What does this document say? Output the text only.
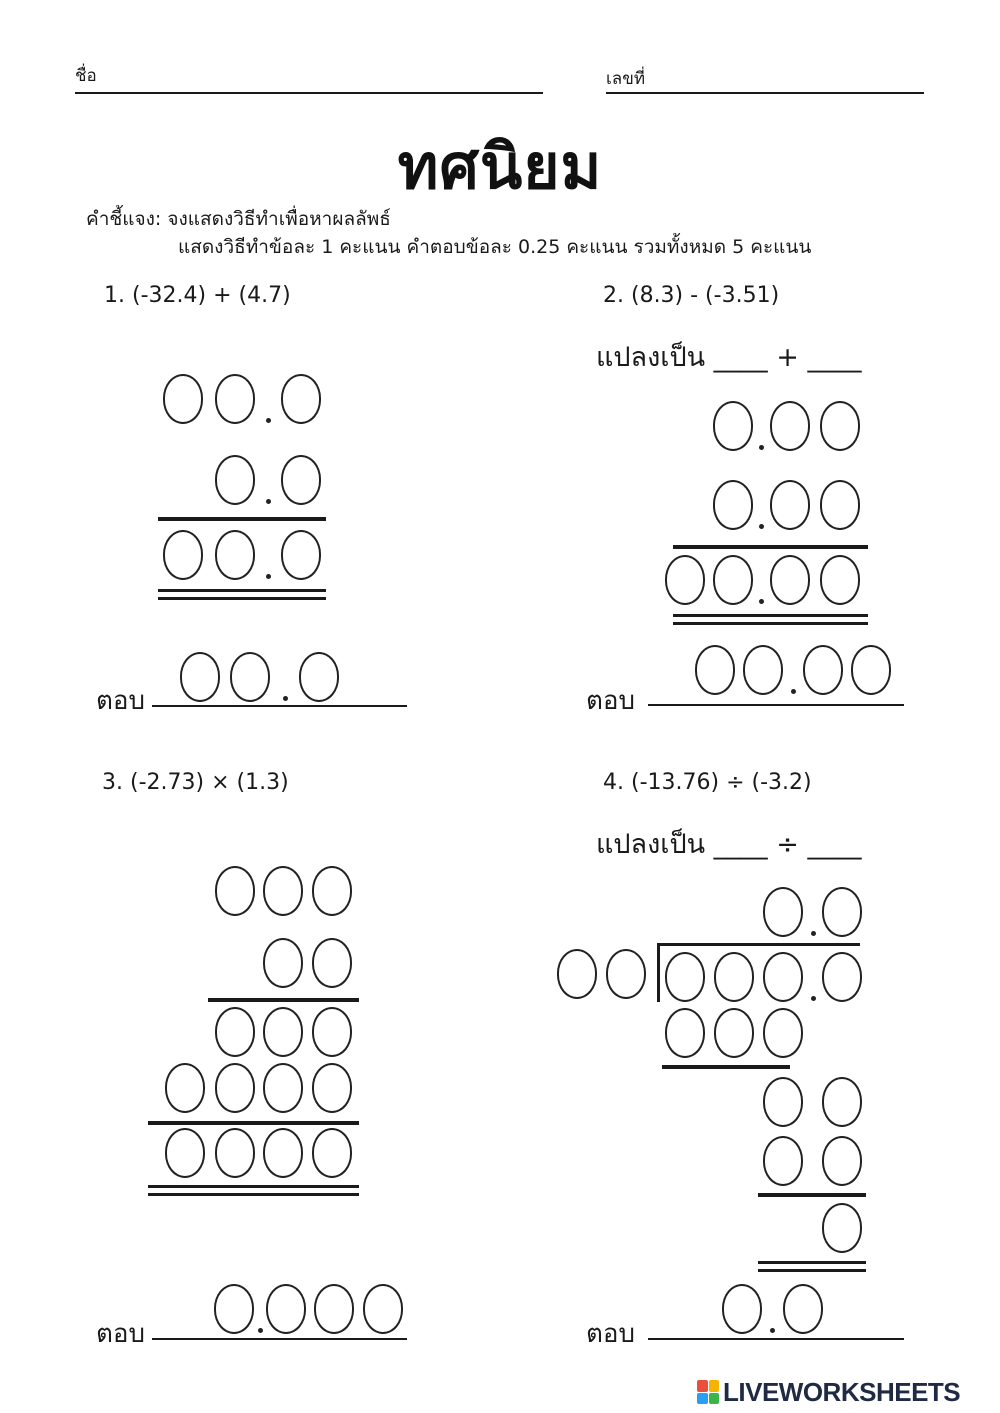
ชื่อ	เลขที่
ทศนิยม
คำชี้แจง: จงแสดงวิธีทำเพื่อหาผลลัพธ์
แสดงวิธีทำข้อละ 1 คะแนน คำตอบข้อละ 0.25 คะแนน รวมทั้งหมด 5 คะแนน
1. (-32.4) + (4.7)
ตอบ
2. (8.3) - (-3.51)
แปลงเป็น ____ + ____
ตอบ
3. (-2.73) × (1.3)
ตอบ
4. (-13.76) ÷ (-3.2)
แปลงเป็น ____ ÷ ____
ตอบ
LIVEWORKSHEETS
